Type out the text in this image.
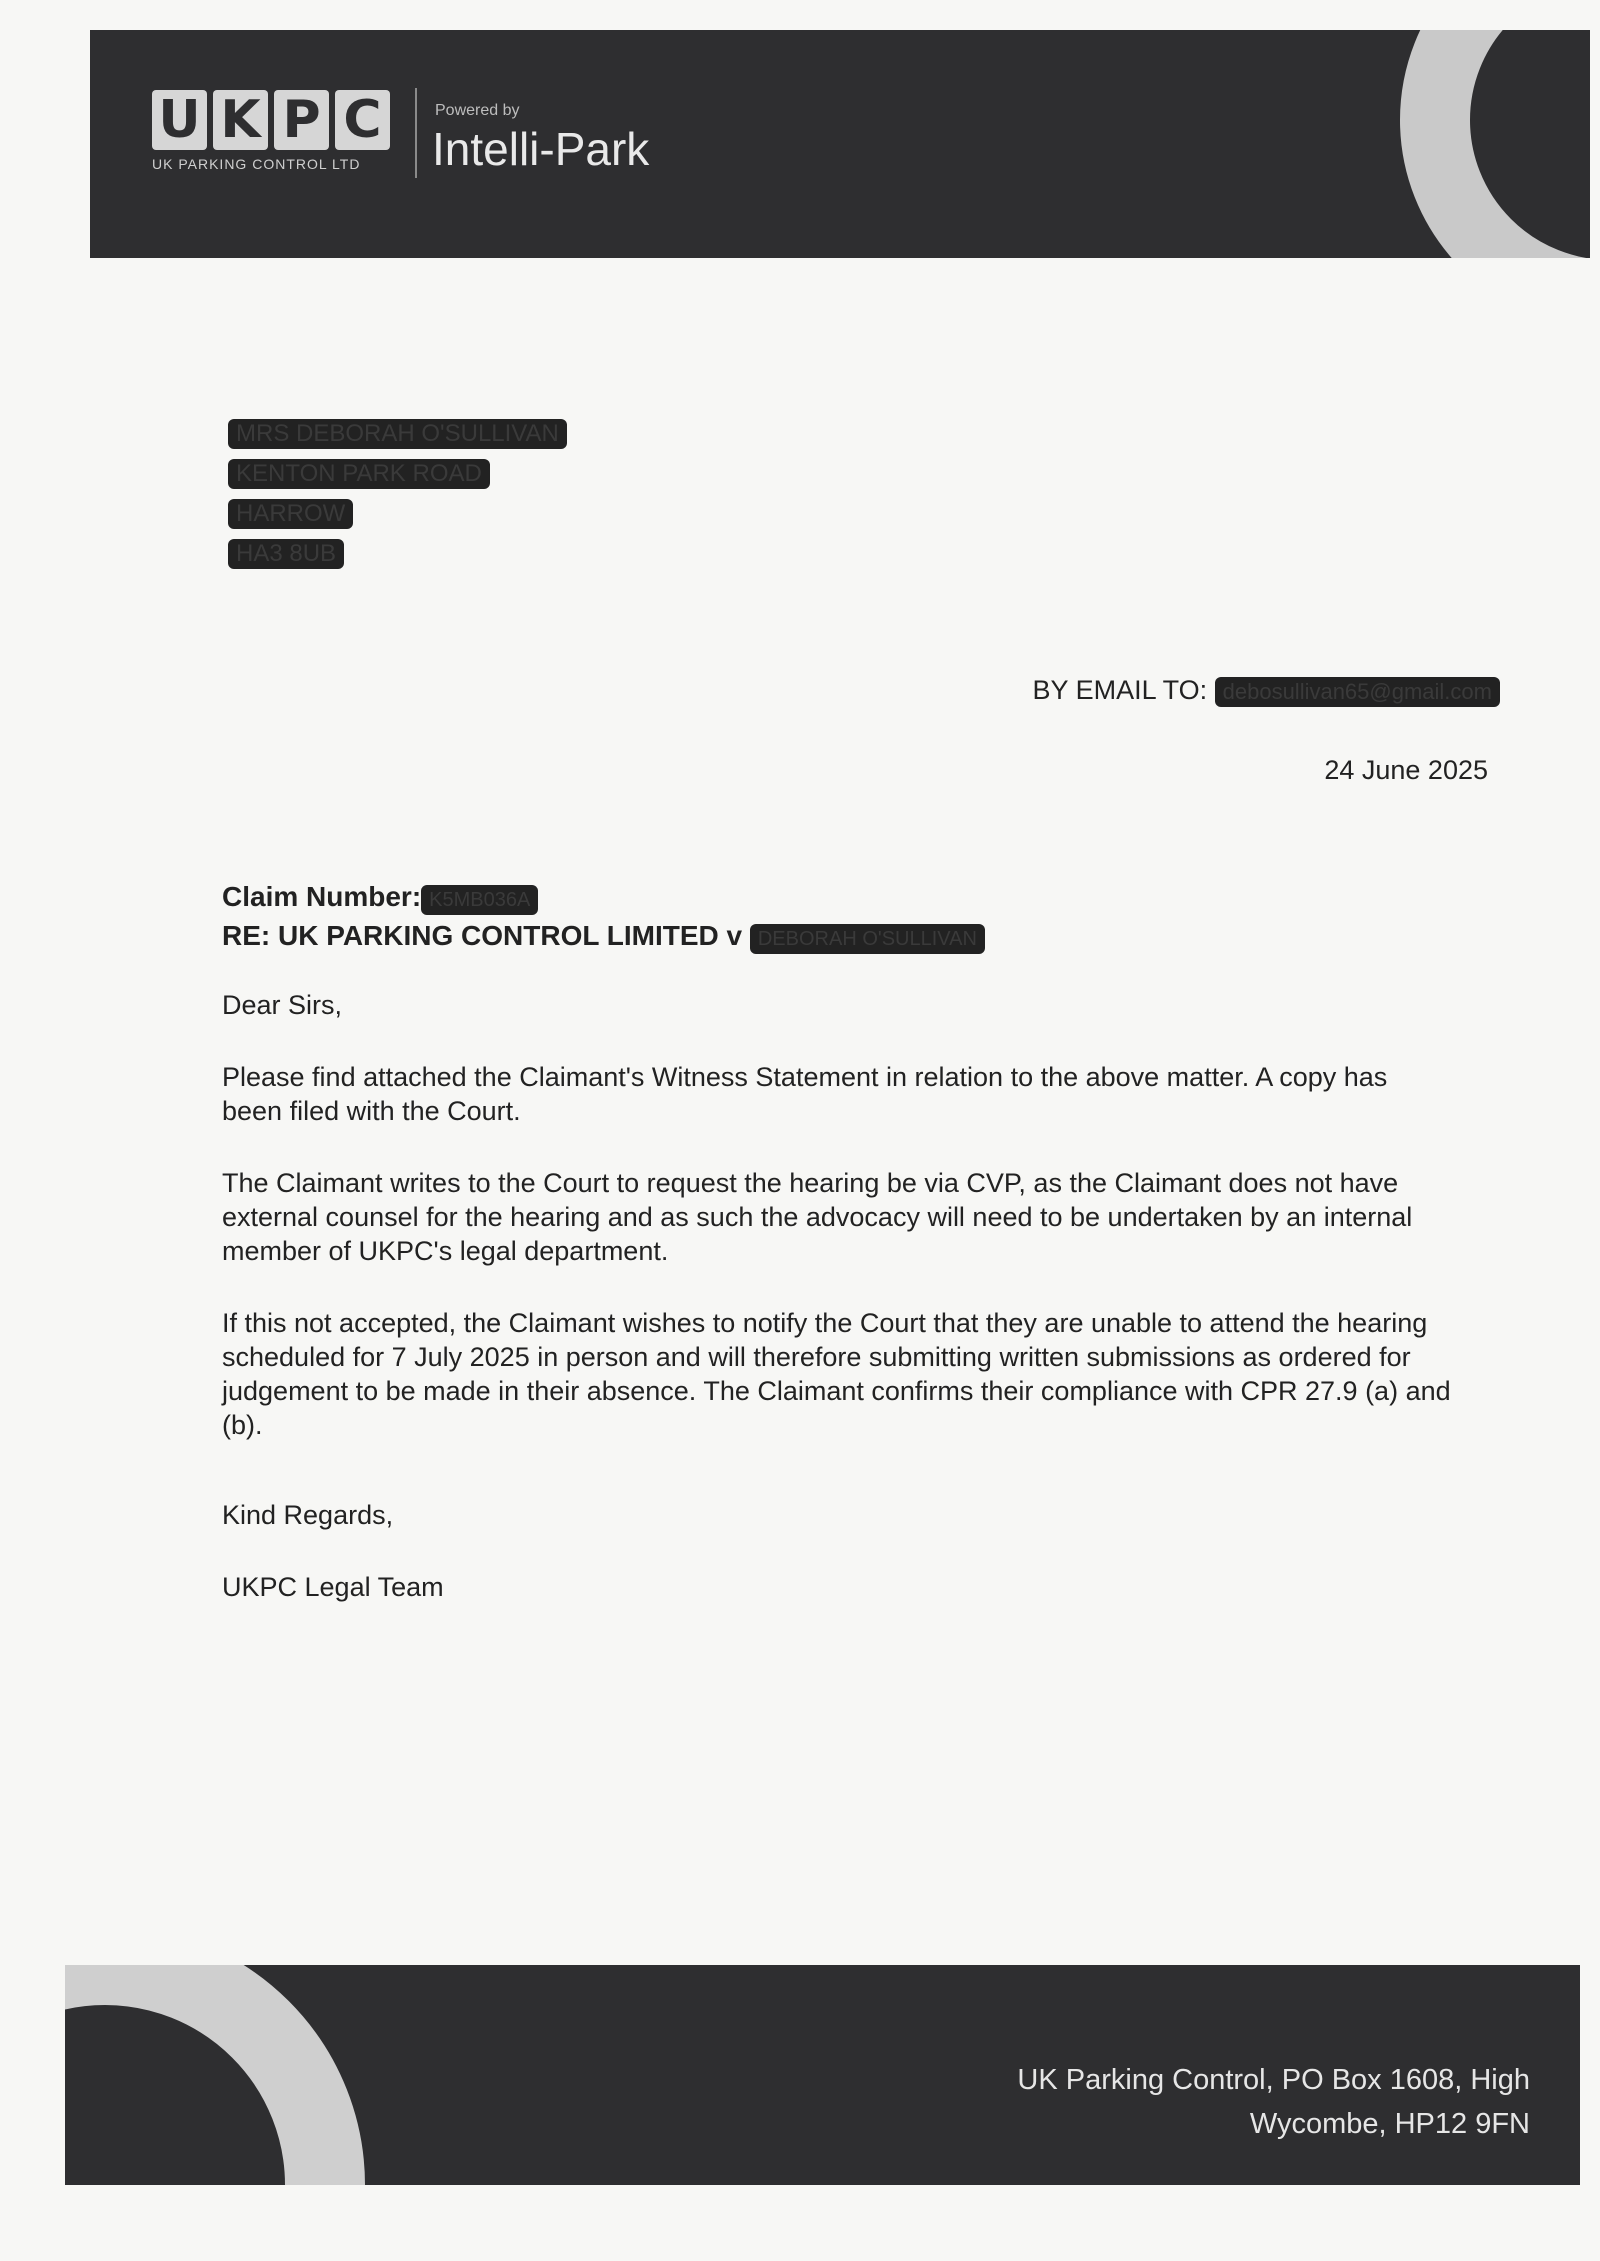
U K P C
UK PARKING CONTROL LTD
Powered by
Intelli-Park
MRS DEBORAH O'SULLIVAN
KENTON PARK ROAD
HARROW
HA3 8UB
BY EMAIL TO: debosullivan65@gmail.com
24 June 2025

Claim Number: K5MB036A

RE: UK PARKING CONTROL LIMITED v DEBORAH O'SULLIVAN

Dear Sirs,

Please find attached the Claimant's Witness Statement in relation to the above matter. A copy has been filed with the Court.

The Claimant writes to the Court to request the hearing be via CVP, as the Claimant does not have external counsel for the hearing and as such the advocacy will need to be undertaken by an internal member of UKPC's legal department.

If this not accepted, the Claimant wishes to notify the Court that they are unable to attend the hearing scheduled for 7 July 2025 in person and will therefore submitting written submissions as ordered for judgement to be made in their absence. The Claimant confirms their compliance with CPR 27.9 (a) and (b).

Kind Regards,

UKPC Legal Team

UK Parking Control, PO Box 1608, High Wycombe, HP12 9FN
